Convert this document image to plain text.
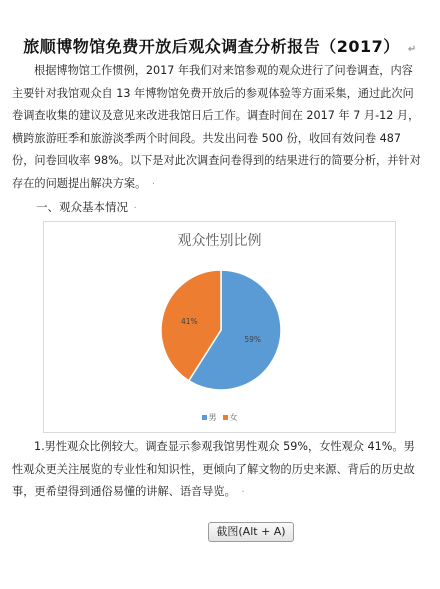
旅顺博物馆免费开放后观众调查分析报告（2017） ↵
根据博物馆工作惯例，2017 年我们对来馆参观的观众进行了问卷调查，内容主要针对我馆观众自 13 年博物馆免费开放后的参观体验等方面采集，通过此次问卷调查收集的建议及意见来改进我馆日后工作。调查时间在 2017 年 7 月-12 月，横跨旅游旺季和旅游淡季两个时间段。共发出问卷 500 份，收回有效问卷 487 份，问卷回收率 98%。以下是对此次调查问卷得到的结果进行的简要分析，并针对存在的问题提出解决方案。 ·
一、观众基本情况 ·
观众性别比例
59%
41%
男 女
1.男性观众比例较大。调查显示参观我馆男性观众 59%，女性观众 41%。男性观众更关注展览的专业性和知识性，更倾向了解文物的历史来源、背后的历史故事，更希望得到通俗易懂的讲解、语音导览。 ·
截图(Alt + A)
